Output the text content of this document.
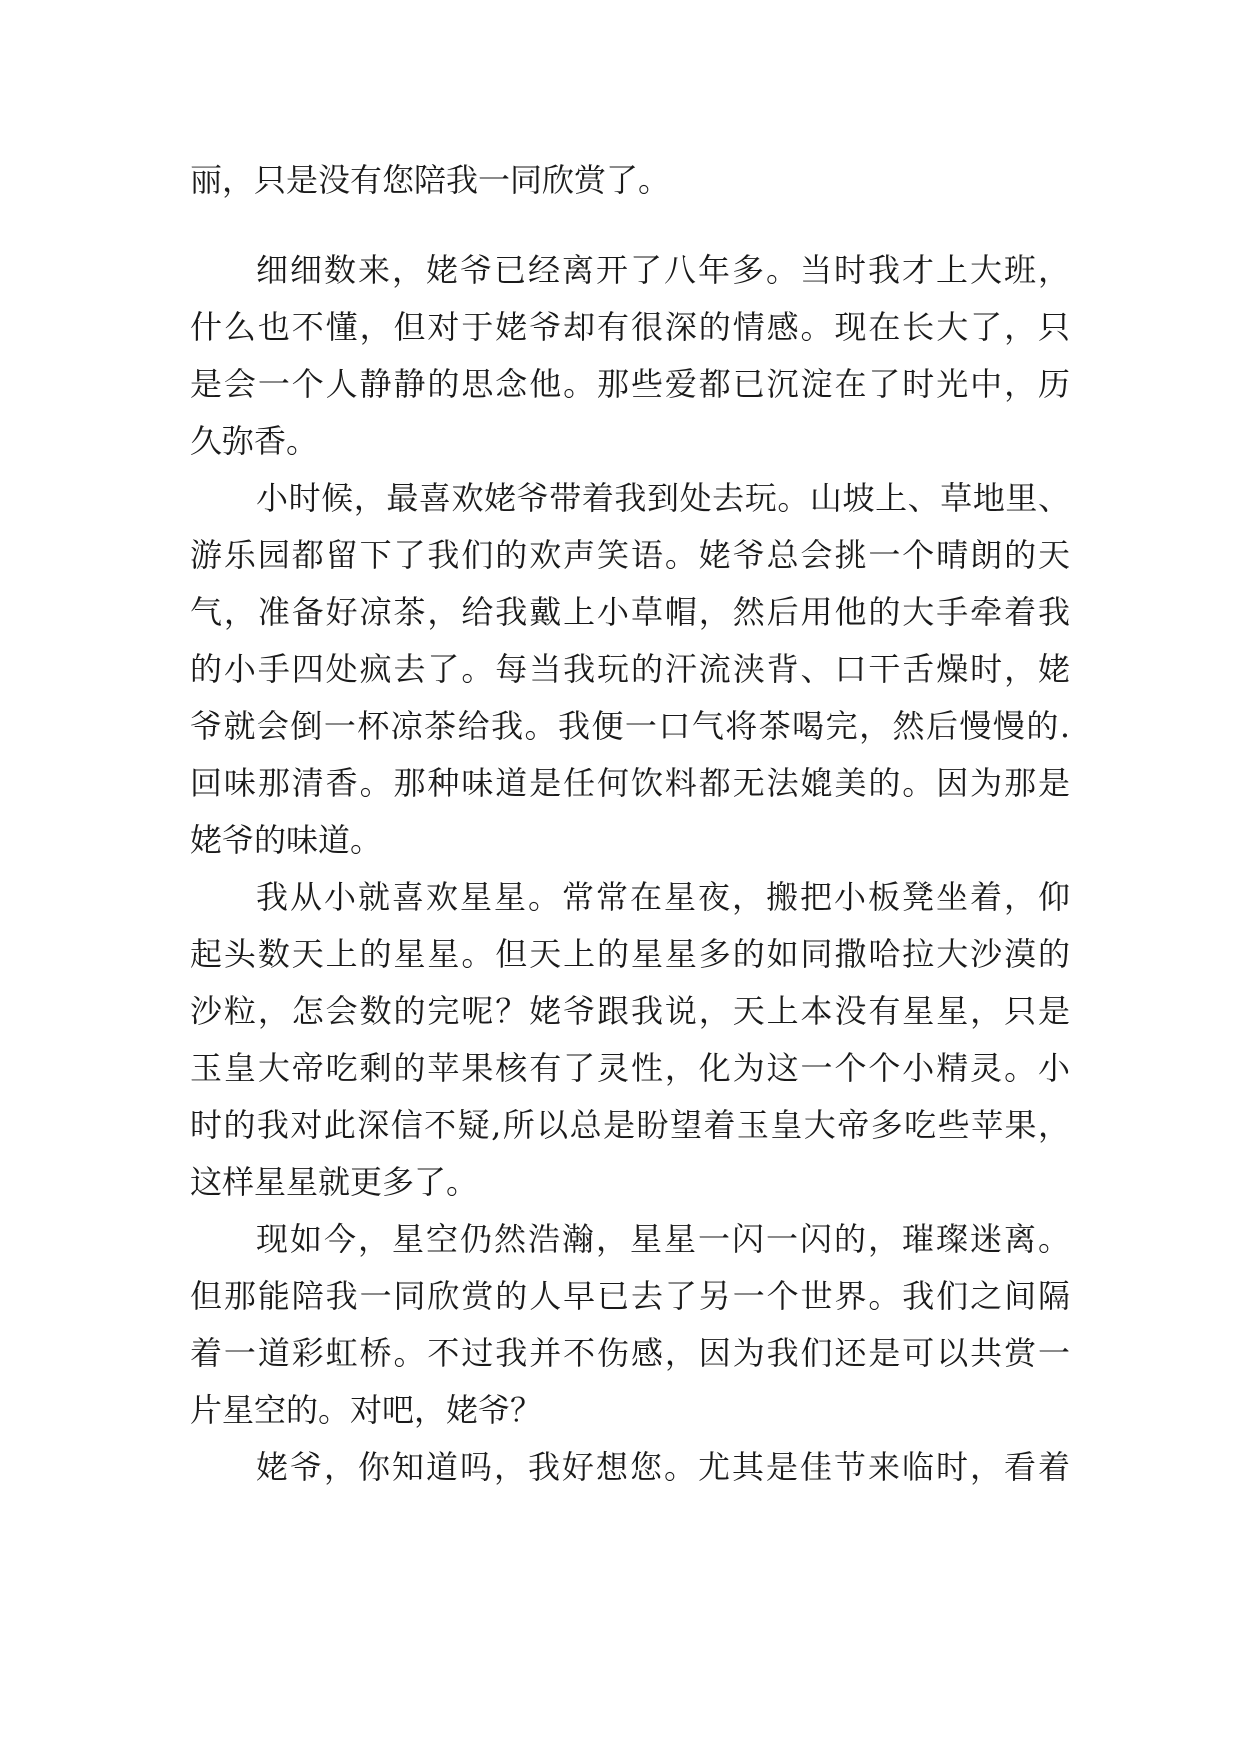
丽，只是没有您陪我一同欣赏了。
细细数来，姥爷已经离开了八年多。当时我才上大班，
什么也不懂，但对于姥爷却有很深的情感。现在长大了，只
是会一个人静静的思念他。那些爱都已沉淀在了时光中，历
久弥香。
小时候，最喜欢姥爷带着我到处去玩。山坡上、草地里、
游乐园都留下了我们的欢声笑语。姥爷总会挑一个晴朗的天
气，准备好凉茶，给我戴上小草帽，然后用他的大手牵着我
的小手四处疯去了。每当我玩的汗流浃背、口干舌燥时，姥
爷就会倒一杯凉茶给我。我便一口气将茶喝完，然后慢慢的.
回味那清香。那种味道是任何饮料都无法媲美的。因为那是
姥爷的味道。
我从小就喜欢星星。常常在星夜，搬把小板凳坐着，仰
起头数天上的星星。但天上的星星多的如同撒哈拉大沙漠的
沙粒，怎会数的完呢？姥爷跟我说，天上本没有星星，只是
玉皇大帝吃剩的苹果核有了灵性，化为这一个个小精灵。小
时的我对此深信不疑,所以总是盼望着玉皇大帝多吃些苹果，
这样星星就更多了。
现如今，星空仍然浩瀚，星星一闪一闪的，璀璨迷离。
但那能陪我一同欣赏的人早已去了另一个世界。我们之间隔
着一道彩虹桥。不过我并不伤感，因为我们还是可以共赏一
片星空的。对吧，姥爷？
姥爷，你知道吗，我好想您。尤其是佳节来临时，看着
